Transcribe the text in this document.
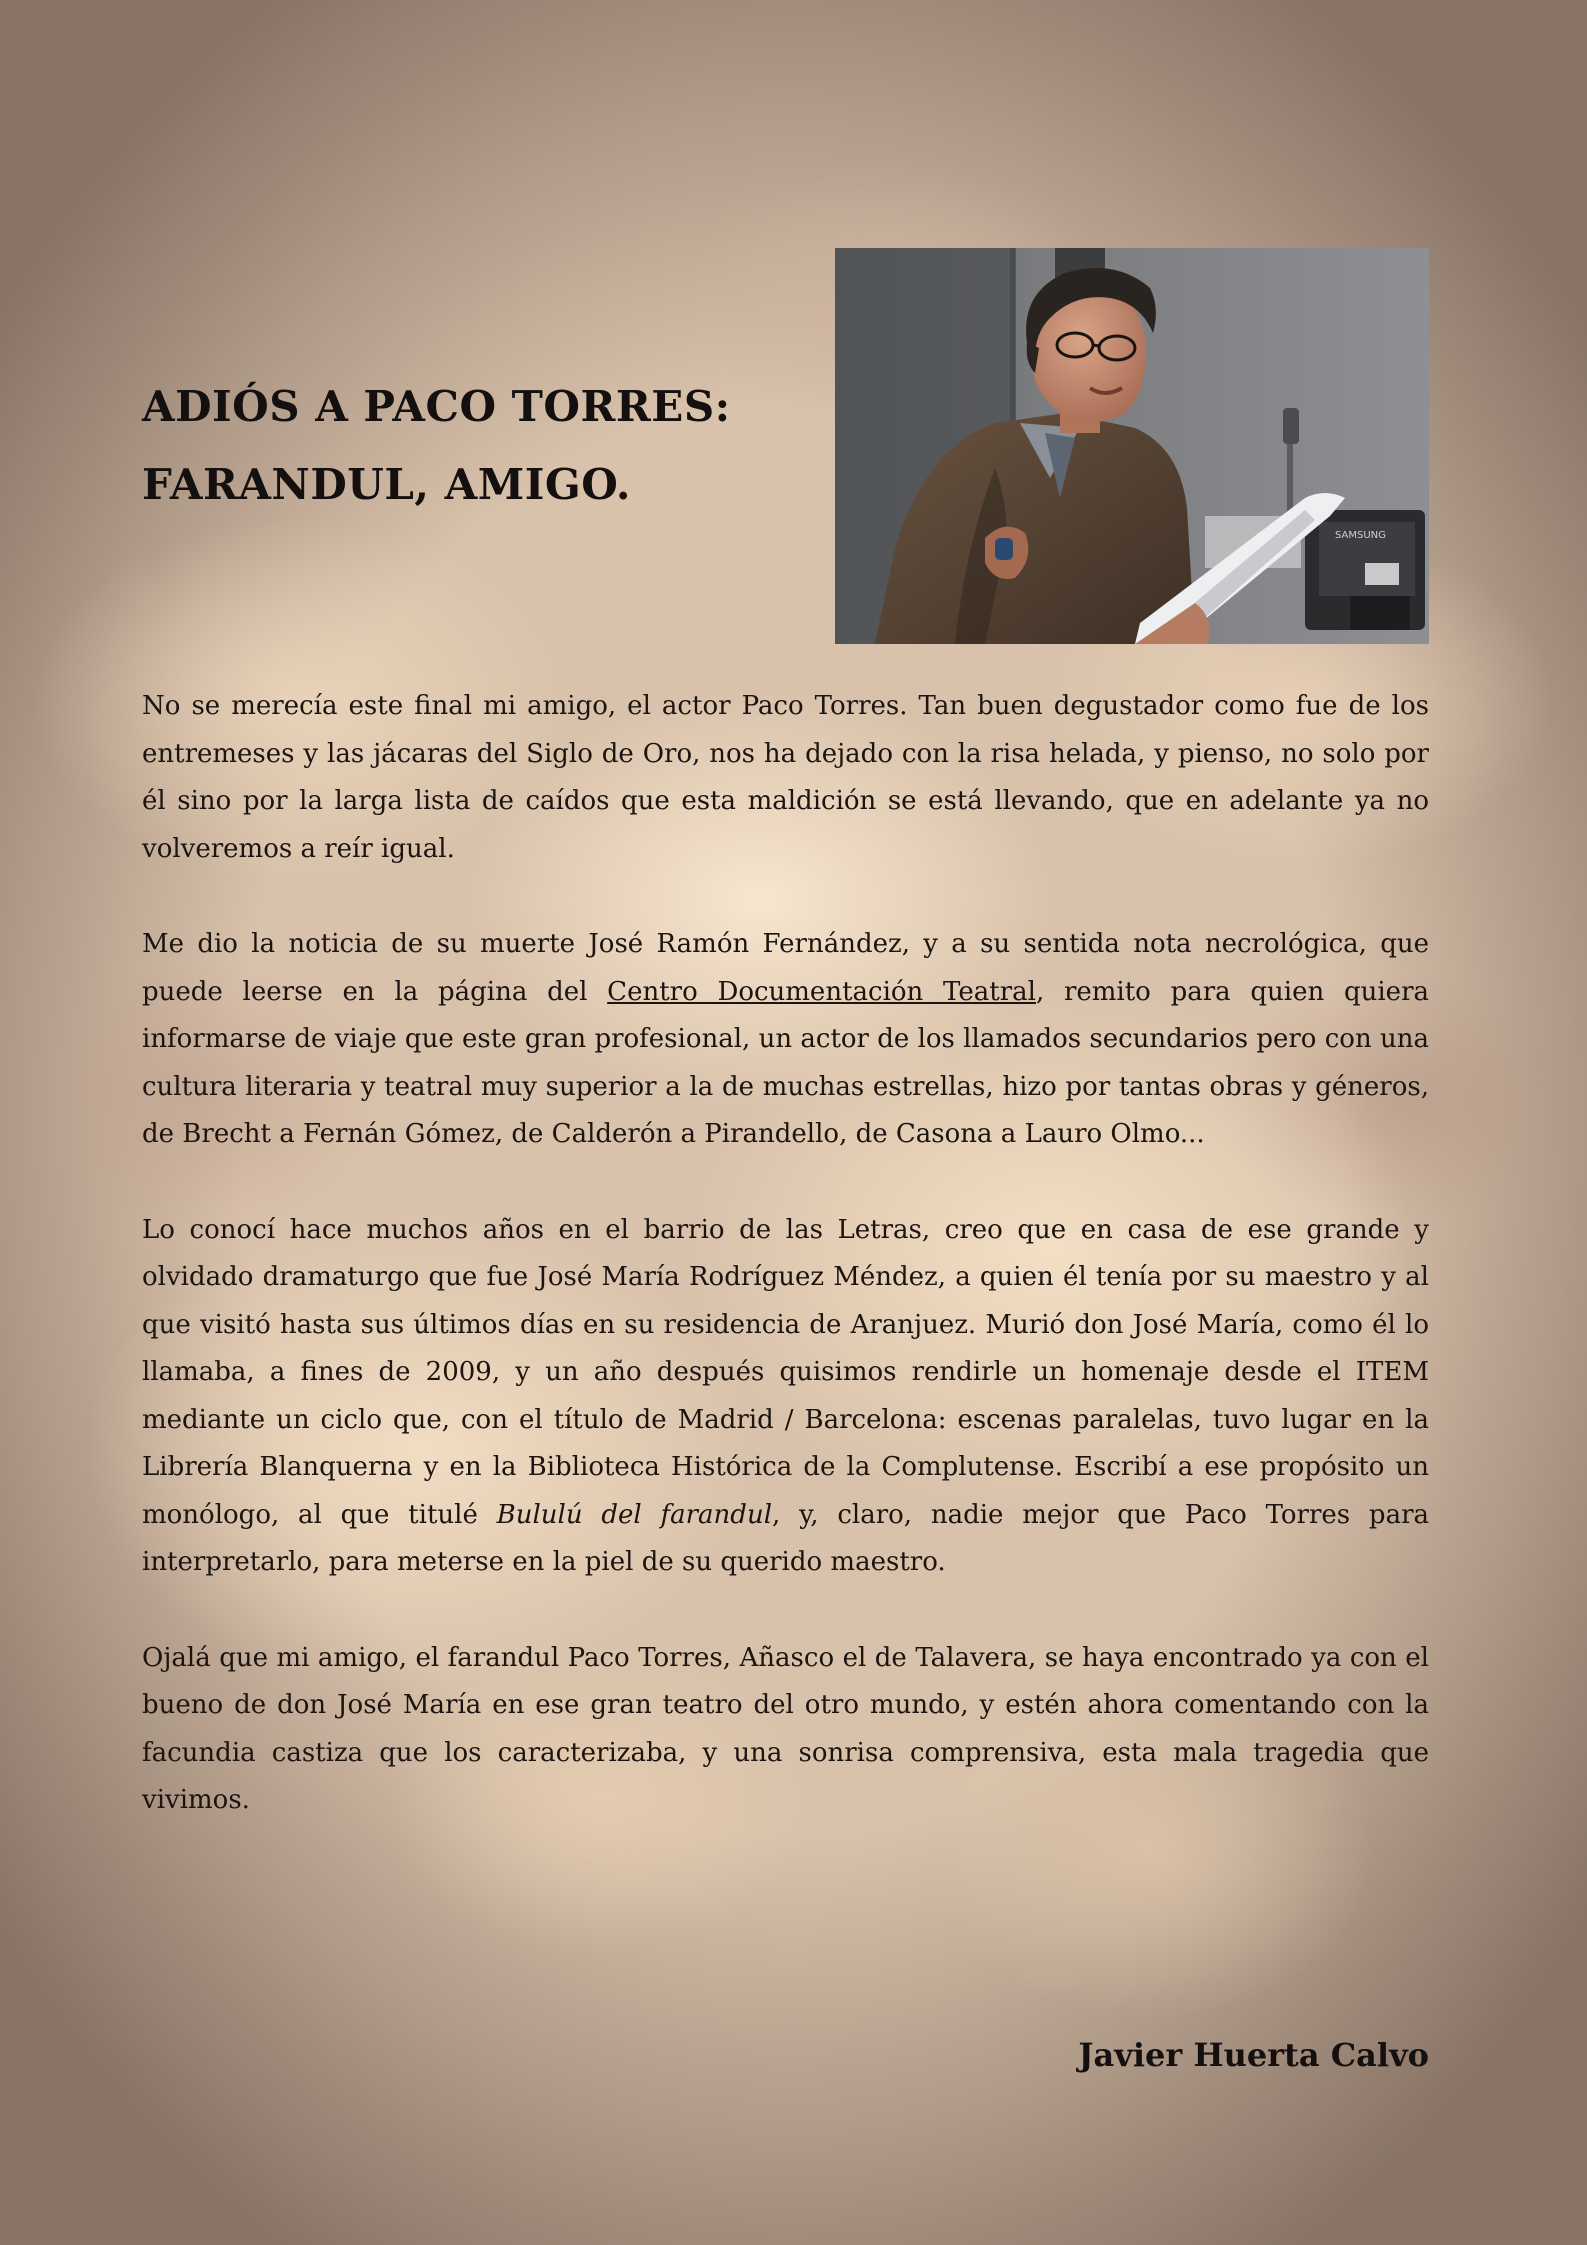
ADIÓS A PACO TORRES:
FARANDUL, AMIGO.
SAMSUNG

No se merecía este final mi amigo, el actor Paco Torres. Tan buen degustador como fue de los entremeses y las jácaras del Siglo de Oro, nos ha dejado con la risa helada, y pienso, no solo por él sino por la larga lista de caídos que esta maldición se está llevando, que en adelante ya no volveremos a reír igual.

Me dio la noticia de su muerte José Ramón Fernández, y a su sentida nota necrológica, que puede leerse en la página del Centro Documentación Teatral, remito para quien quiera informarse de viaje que este gran profesional, un actor de los llamados secundarios pero con una cultura literaria y teatral muy superior a la de muchas estrellas, hizo por tantas obras y géneros, de Brecht a Fernán Gómez, de Calderón a Pirandello, de Casona a Lauro Olmo...

Lo conocí hace muchos años en el barrio de las Letras, creo que en casa de ese grande y olvidado dramaturgo que fue José María Rodríguez Méndez, a quien él tenía por su maestro y al que visitó hasta sus últimos días en su residencia de Aranjuez. Murió don José María, como él lo llamaba, a fines de 2009, y un año después quisimos rendirle un homenaje desde el ITEM mediante un ciclo que, con el título de Madrid / Barcelona: escenas paralelas, tuvo lugar en la Librería Blanquerna y en la Biblioteca Histórica de la Complutense. Escribí a ese propósito un monólogo, al que titulé Bululú del farandul, y, claro, nadie mejor que Paco Torres para interpretarlo, para meterse en la piel de su querido maestro.

Ojalá que mi amigo, el farandul Paco Torres, Añasco el de Talavera, se haya encontrado ya con el bueno de don José María en ese gran teatro del otro mundo, y estén ahora comentando con la facundia castiza que los caracterizaba, y una sonrisa comprensiva, esta mala tragedia que vivimos.

Javier Huerta Calvo
